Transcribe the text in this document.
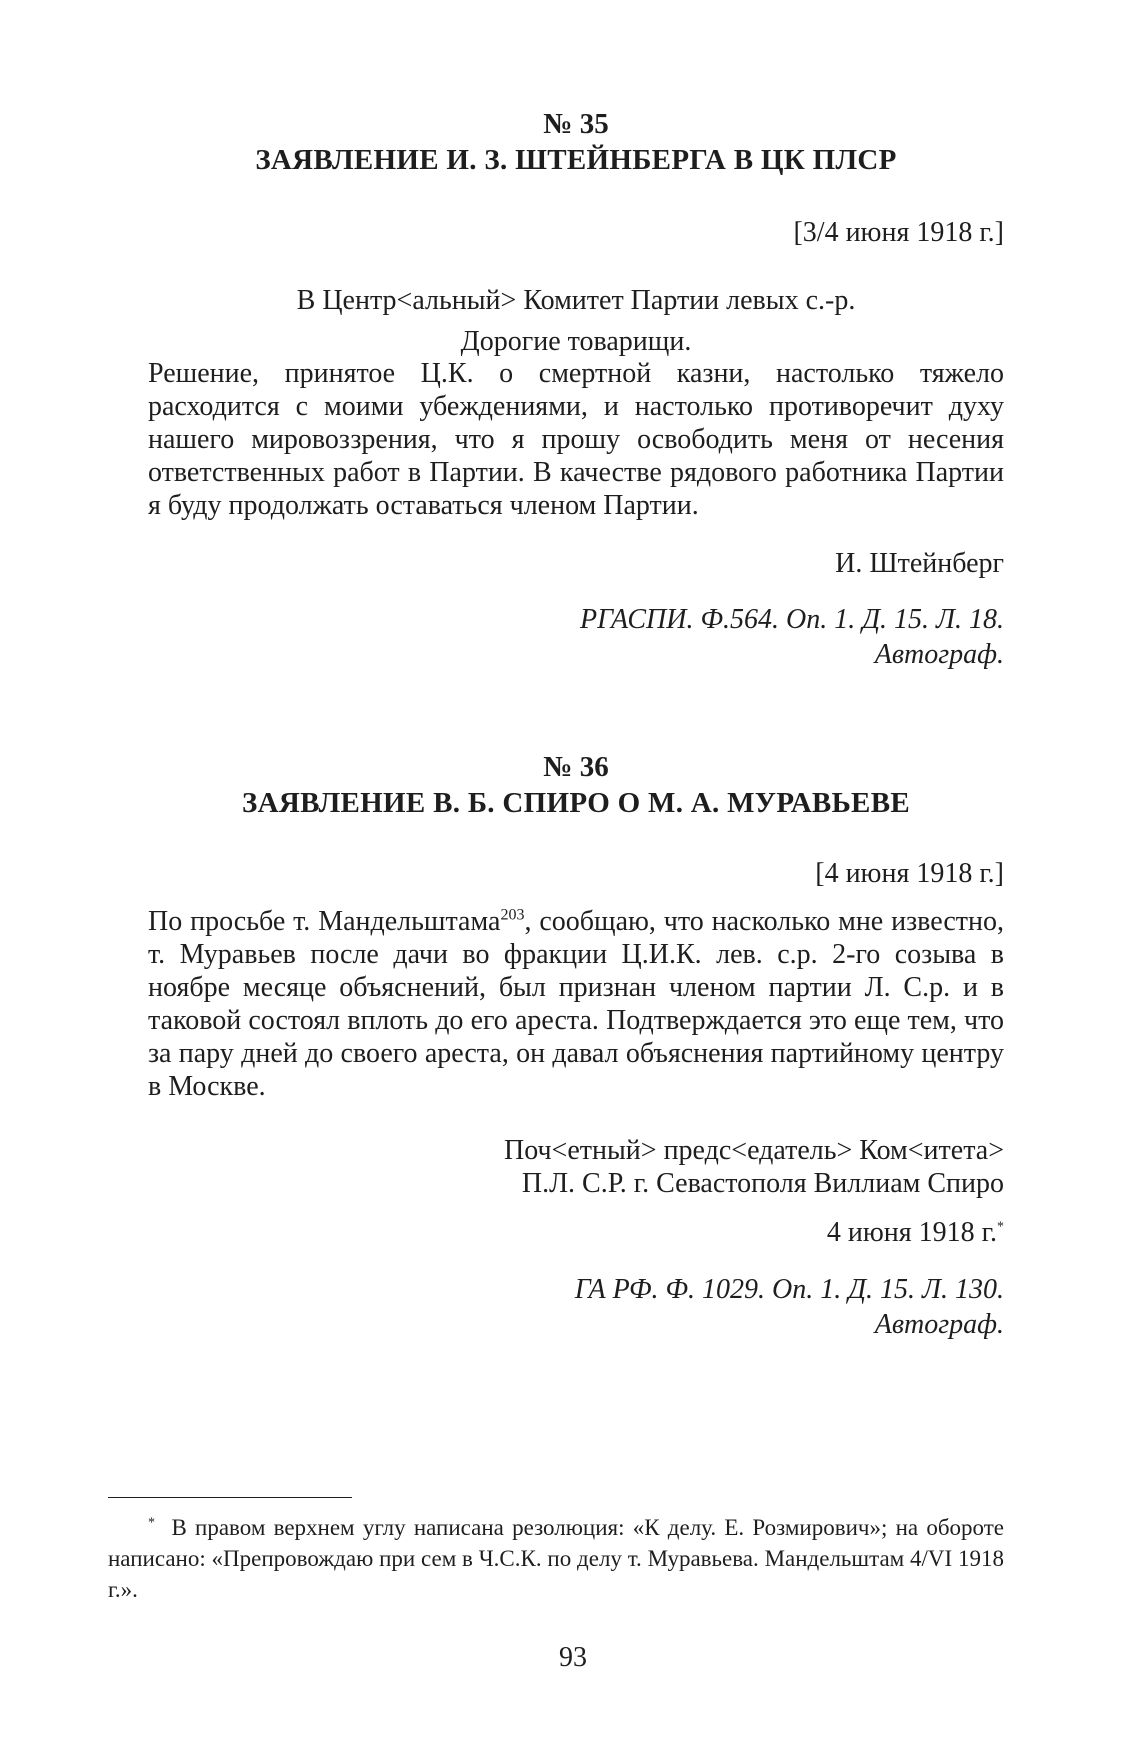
№ 35
ЗАЯВЛЕНИЕ И. З. ШТЕЙНБЕРГА В ЦК ПЛСР
[3/4 июня 1918 г.]
В Центр<альный> Комитет Партии левых с.-р.
Дорогие товарищи.

Решение, принятое Ц.К. о смертной казни, настолько тяжело расходится с моими убеждениями, и настолько противоречит духу нашего мировоззрения, что я прошу освободить меня от несения ответственных работ в Партии. В качестве рядового работника Партии я буду продолжать оставаться членом Партии.

И. Штейнберг
РГАСПИ. Ф.564. Оп. 1. Д. 15. Л. 18.
Автограф.
№ 36
ЗАЯВЛЕНИЕ В. Б. СПИРО О М. А. МУРАВЬЕВЕ
[4 июня 1918 г.]

По просьбе т. Мандельштама$^{203}$, сообщаю, что насколько мне известно, т. Муравьев после дачи во фракции Ц.И.К. лев. с.р. 2-го созыва в ноябре месяце объяснений, был признан членом партии Л. С.р. и в таковой состоял вплоть до его ареста. Подтверждается это еще тем, что за пару дней до своего ареста, он давал объяснения партийному центру в Москве.

Поч<етный> предс<едатель> Ком<итета>
П.Л. С.Р. г. Севастополя Виллиам Спиро
4 июня 1918 г.*
ГА РФ. Ф. 1029. Оп. 1. Д. 15. Л. 130.
Автограф.
* В правом верхнем углу написана резолюция: «К делу. Е. Розмирович»; на обороте написано: «Препровождаю при сем в Ч.С.К. по делу т. Муравьева. Мандельштам 4/VI 1918 г.».
93
